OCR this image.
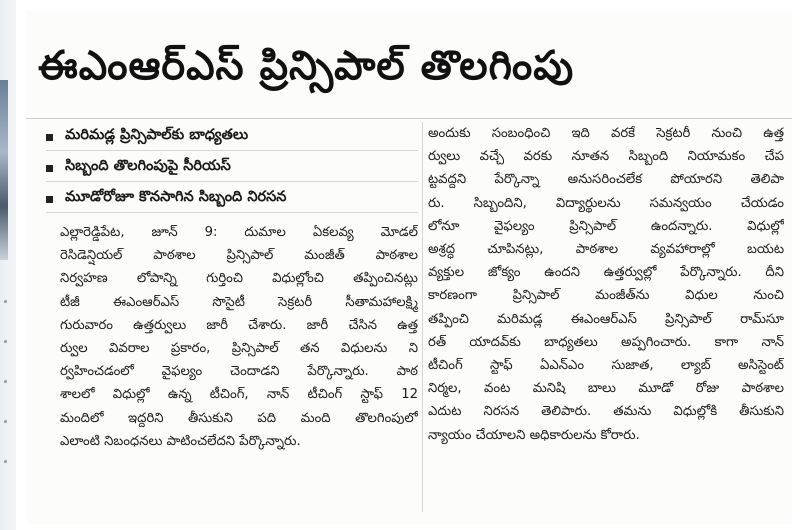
ఈఎంఆర్ఎస్ ప్రిన్సిపాల్ తొలగింపు
మరిమడ్ల ప్రిన్సిపాల్‌కు బాధ్యతలు
సిబ్బంది తొలగింపుపై సీరియస్
మూడోరోజూ కొనసాగిన సిబ్బంది నిరసన
ఎల్లారెడ్డిపేట, జూన్ 9: దుమాల ఏకలవ్య మోడల్
రెసిడెన్షియల్ పాఠశాల ప్రిన్సిపాల్ మంజీత్ పాఠశాల
నిర్వహణ లోపాన్ని గుర్తించి విధుల్లోంచి తప్పించినట్లు
టీజీ ఈఎంఆర్ఎస్ సొసైటీ సెక్రటరీ సీతామహాలక్ష్మి
గురువారం ఉత్తర్వులు జారీ చేశారు. జారీ చేసిన ఉత్త
ర్వుల వివరాల ప్రకారం, ప్రిన్సిపాల్ తన విధులను ని
ర్వహించడంలో వైఫల్యం చెందాడని పేర్కొన్నారు. పాఠ
శాలలో విధుల్లో ఉన్న టీచింగ్, నాన్ టీచింగ్ స్టాఫ్ 12
మందిలో ఇద్దరిని తీసుకుని పది మంది తొలగింపులో
ఎలాంటి నిబంధనలు పాటించలేదని పేర్కొన్నారు.
అందుకు సంబంధించి ఇది వరకే సెక్రటరీ నుంచి ఉత్త
ర్వులు వచ్చే వరకు నూతన సిబ్బంది నియామకం చేప
ట్టవద్దని పేర్కొన్నా అనుసరించలేక పోయారని తెలిపా
రు. సిబ్బందిని, విద్యార్థులను సమన్వయం చేయడం
లోనూ వైఫల్యం ప్రిన్సిపాల్ ఉందన్నారు. విధుల్లో
అశ్రద్ధ చూపినట్లు, పాఠశాల వ్యవహారాల్లో బయట
వ్యక్తుల జోక్యం ఉందని ఉత్తర్వుల్లో పేర్కొన్నారు. దీని
కారణంగా ప్రిన్సిపాల్ మంజీత్‌ను విధుల నుంచి
తప్పించి మరిమడ్ల ఈఎంఆర్ఎస్ ప్రిన్సిపాల్ రామ్‌సూ
రత్ యాదవ్‌కు బాధ్యతలు అప్పగించారు. కాగా నాన్
టీచింగ్ స్టాఫ్ ఏఎన్ఎం సుజాత, ల్యాబ్ అసిస్టెంట్
నిర్మల, వంట మనిషి బాలు మూడో రోజు పాఠశాల
ఎదుట నిరసన తెలిపారు. తమను విధుల్లోకి తీసుకుని
న్యాయం చేయాలని అధికారులను కోరారు.
